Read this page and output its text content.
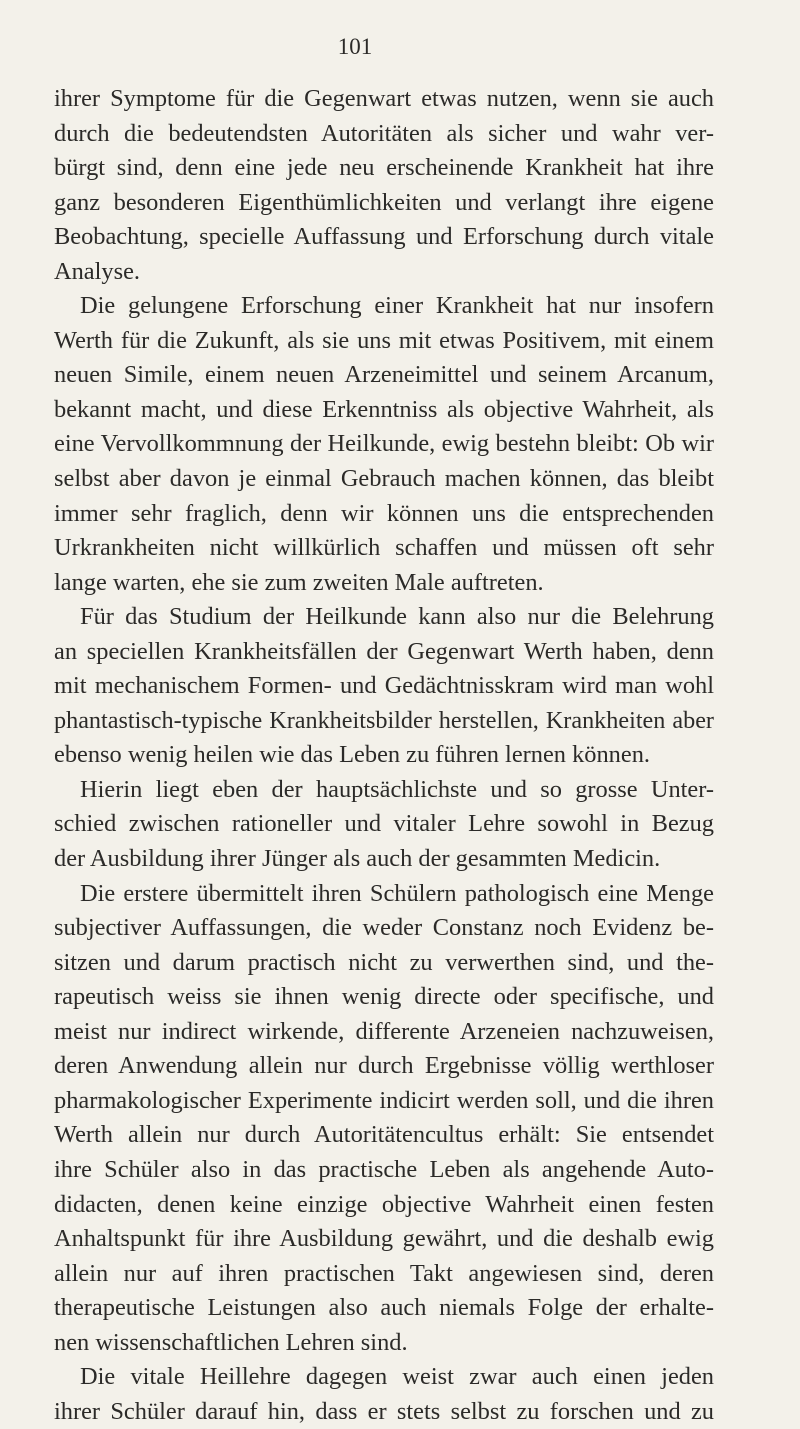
101
ihrer Symptome für die Gegenwart etwas nutzen, wenn sie auch
durch die bedeutendsten Autoritäten als sicher und wahr ver-
bürgt sind, denn eine jede neu erscheinende Krankheit hat ihre
ganz besonderen Eigenthümlichkeiten und verlangt ihre eigene
Beobachtung, specielle Auffassung und Erforschung durch vitale
Analyse.
Die gelungene Erforschung einer Krankheit hat nur insofern
Werth für die Zukunft, als sie uns mit etwas Positivem, mit einem
neuen Simile, einem neuen Arzeneimittel und seinem Arcanum,
bekannt macht, und diese Erkenntniss als objective Wahrheit, als
eine Vervollkommnung der Heilkunde, ewig bestehn bleibt: Ob wir
selbst aber davon je einmal Gebrauch machen können, das bleibt
immer sehr fraglich, denn wir können uns die entsprechenden
Urkrankheiten nicht willkürlich schaffen und müssen oft sehr
lange warten, ehe sie zum zweiten Male auftreten.
Für das Studium der Heilkunde kann also nur die Belehrung
an speciellen Krankheitsfällen der Gegenwart Werth haben, denn
mit mechanischem Formen- und Gedächtnisskram wird man wohl
phantastisch-typische Krankheitsbilder herstellen, Krankheiten aber
ebenso wenig heilen wie das Leben zu führen lernen können.
Hierin liegt eben der hauptsächlichste und so grosse Unter-
schied zwischen rationeller und vitaler Lehre sowohl in Bezug
der Ausbildung ihrer Jünger als auch der gesammten Medicin.
Die erstere übermittelt ihren Schülern pathologisch eine Menge
subjectiver Auffassungen, die weder Constanz noch Evidenz be-
sitzen und darum practisch nicht zu verwerthen sind, und the-
rapeutisch weiss sie ihnen wenig directe oder specifische, und
meist nur indirect wirkende, differente Arzeneien nachzuweisen,
deren Anwendung allein nur durch Ergebnisse völlig werthloser
pharmakologischer Experimente indicirt werden soll, und die ihren
Werth allein nur durch Autoritätencultus erhält: Sie entsendet
ihre Schüler also in das practische Leben als angehende Auto-
didacten, denen keine einzige objective Wahrheit einen festen
Anhaltspunkt für ihre Ausbildung gewährt, und die deshalb ewig
allein nur auf ihren practischen Takt angewiesen sind, deren
therapeutische Leistungen also auch niemals Folge der erhalte-
nen wissenschaftlichen Lehren sind.
Die vitale Heillehre dagegen weist zwar auch einen jeden
ihrer Schüler darauf hin, dass er stets selbst zu forschen und zu
